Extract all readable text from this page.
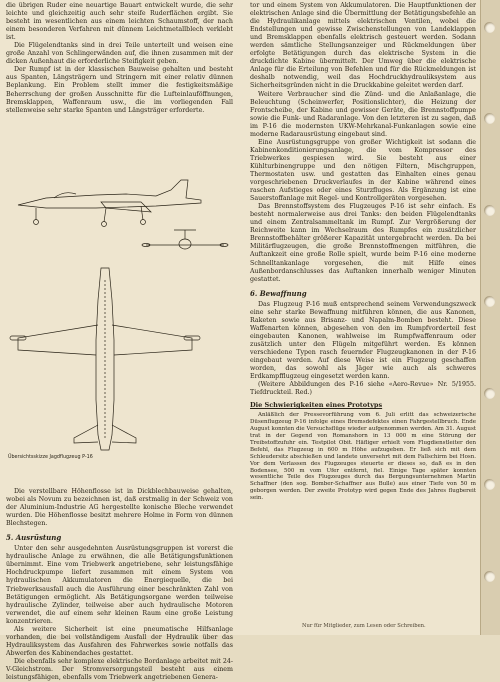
die übrigen Ruder eine neuartige Bauart entwickelt wurde, die sehr leichte und gleichzeitig auch sehr steife Ruderflächen ergibt. Sie besteht im wesentlichen aus einem leichten Schaumstoff, der nach einem besonderen Verfahren mit dünnem Leichtmetallblech verklebt ist.

Die Flügelendtanks sind in drei Teile unterteilt und weisen eine große Anzahl von Schlingerwänden auf, die ihnen zusammen mit der dicken Außenhaut die erforderliche Steifigkeit geben.

Der Rumpf ist in der klassischen Bauweise gehalten und besteht aus Spanten, Längsträgern und Stringern mit einer relativ dünnen Beplankung. Ein Problem stellt immer die festigkeitsmäßige Beherrschung der großen Ausschnitte für die Lufteinlauföffnungen, Bremsklappen, Waffenraum usw., die im vorliegenden Fall stellenweise sehr starke Spanten und Längsträger erforderte.

Übersichtsskizze Jagdflugzeug P-16

Die verstellbare Höhenflosse ist in Dickblechbauweise gehalten, wobei als Novum zu bezeichnen ist, daß erstmalig in der Schweiz von der Aluminium-Industrie AG hergestellte konische Bleche verwendet wurden. Die Höhenflosse besitzt mehrere Holme in Form von dünnen Blechstegen.

5. Ausrüstung

Unter den sehr ausgedehnten Ausrüstungsgruppen ist vorerst die hydraulische Anlage zu erwähnen, die alle Betätigungsfunktionen übernimmt. Eine vom Triebwerk angetriebene, sehr leistungsfähige Hochdruckpumpe liefert zusammen mit einem System von hydraulischen Akkumulatoren die Energiequelle, die bei Triebwerksausfall auch die Ausführung einer beschränkten Zahl von Betätigungen ermöglicht. Als Betätigungsorgane werden teilweise hydraulische Zylinder, teilweise aber auch hydraulische Motoren verwendet, die auf einem sehr kleinen Raum eine große Leistung konzentrieren.

Als weitere Sicherheit ist eine pneumatische Hilfsanlage vorhanden, die bei vollständigem Ausfall der Hydraulik über das Hydrauliksystem das Ausfahren des Fahrwerkes sowie notfalls das Abwerfen des Kabinendaches gestattet.

Die ebenfalls sehr komplexe elektrische Bordanlage arbeitet mit 24-V-Gleichstrom. Der Stromversorgungsteil besteht aus einem leistungsfähigen, ebenfalls vom Triebwerk angetriebenen Genera-

tor und einem System von Akkumulatoren. Die Hauptfunktionen der elektrischen Anlage sind die Übermittlung der Betätigungsbefehle an die Hydraulikanlage mittels elektrischen Ventilen, wobei die Endstellungen und gewisse Zwischenstellungen von Landeklappen und Bremsklappen ebenfalls elektrisch gesteuert werden. Sodann werden sämtliche Stellungsanzeiger und Rückmeldungen über erfolgte Betätigungen durch das elektrische System in die druckdichte Kabine übermittelt. Der Umweg über die elektrische Anlage für die Erteilung von Befehlen und für die Rückmeldungen ist deshalb notwendig, weil das Hochdruckhydrauliksystem aus Sicherheitsgründen nicht in die Druckkabine geleitet werden darf.

Weitere Verbraucher sind die Zünd- und die Anlaßanlage, die Beleuchtung (Scheinwerfer, Positionslichter), die Heizung der Frontscheibe, der Kabine und gewisser Geräte, die Brennstoffpumpe sowie die Funk- und Radaranlage. Von den letzteren ist zu sagen, daß im P-16 die modernsten UKW-Mehrkanal-Funkanlagen sowie eine moderne Radarausrüstung eingebaut sind.

Eine Ausrüstungsgruppe von großer Wichtigkeit ist sodann die Kabinenkonditionierungsanlage, die vom Kompressor des Triebwerkes gespiesen wird. Sie besteht aus einer Kühlturbinengruppe und den nötigen Filtern, Mischgruppen, Thermostaten usw. und gestatten das Einhalten eines genau vorgeschriebenen Druckverlaufes in der Kabine während eines raschen Aufstieges oder eines Sturzfluges. Als Ergänzung ist eine Sauerstoffanlage mit Regel- und Kontrollgeräten vorgesehen.

Das Brennstoffsystem des Flugzeuges P-16 ist sehr einfach. Es besteht normalerweise aus drei Tanks: den beiden Flügelendtanks und einem Zentralsammeltank im Rumpf. Zur Vergrößerung der Reichweite kann im Wechselraum des Rumpfes ein zusätzlicher Brennstoffbehälter größerer Kapazität untergebracht werden. Da bei Militärflugzeugen, die große Brennstoffmengen mitführen, die Auftankzeit eine große Rolle spielt, wurde beim P-16 eine moderne Schnelltankanlage vorgesehen, die mit Hilfe eines Außenbordanschlusses das Auftanken innerhalb weniger Minuten gestattet.

6. Bewaffnung

Das Flugzeug P-16 muß entsprechend seinem Verwendungszweck eine sehr starke Bewaffnung mitführen können, die aus Kanonen, Raketen sowie aus Brisanz- und Napalm-Bomben besteht. Diese Waffenarten können, abgesehen von den im Rumpfvorderteil fest eingebauten Kanonen, wahlweise im Rumpfwaffenraum oder zusätzlich unter den Flügeln mitgeführt werden. Es können verschiedene Typen rasch feuernder Flugzeugkanonen in der P-16 eingebaut werden. Auf diese Weise ist ein Flugzeug geschaffen worden, das sowohl als Jäger wie auch als schweres Erdkampfflugzeug eingesetzt werden kann.

(Weitere Abbildungen des P-16 siehe «Aero-Revue» Nr. 5/1955. Tiefdruckteil. Red.)

Die Schwierigkeiten eines Prototyps

Anläßlich der Pressevorführung vom 6. Juli erlitt das schweizerische Düsenflugzeug P-16 infolge eines Bremsdefektes einen Fahrgestellbruch. Ende August konnten die Versuchsflüge wieder aufgenommen werden. Am 31. August trat in der Gegend von Romanshorn in 13 000 m eine Störung der Treibstoffzufuhr ein. Testpilot Obit. Häfliger erhielt vom Flugdienstleiter den Befehl, das Flugzeug in 600 m Höhe aufzugeben. Er ließ sich mit dem Schleudersitz abschießen und landete unversehrt mit dem Fallschirm bei Hosn. Vor dem Verlassen des Flugzeuges steuerte er dieses so, daß es in den Bodensee, 500 m vom Ufer entfernt, fiel. Einige Tage später konnten wesentliche Teile des Flugzeuges durch das Bergungsunternehmen Martin Schaffner (den sog. Bomber-Schaffner aus Bulle) aus einer Tiefe von 50 m geborgen werden. Der zweite Prototyp wird gegen Ende des Jahres flugbereit sein.

Nur für Mitglieder, zum Lesen oder Schreiben.
